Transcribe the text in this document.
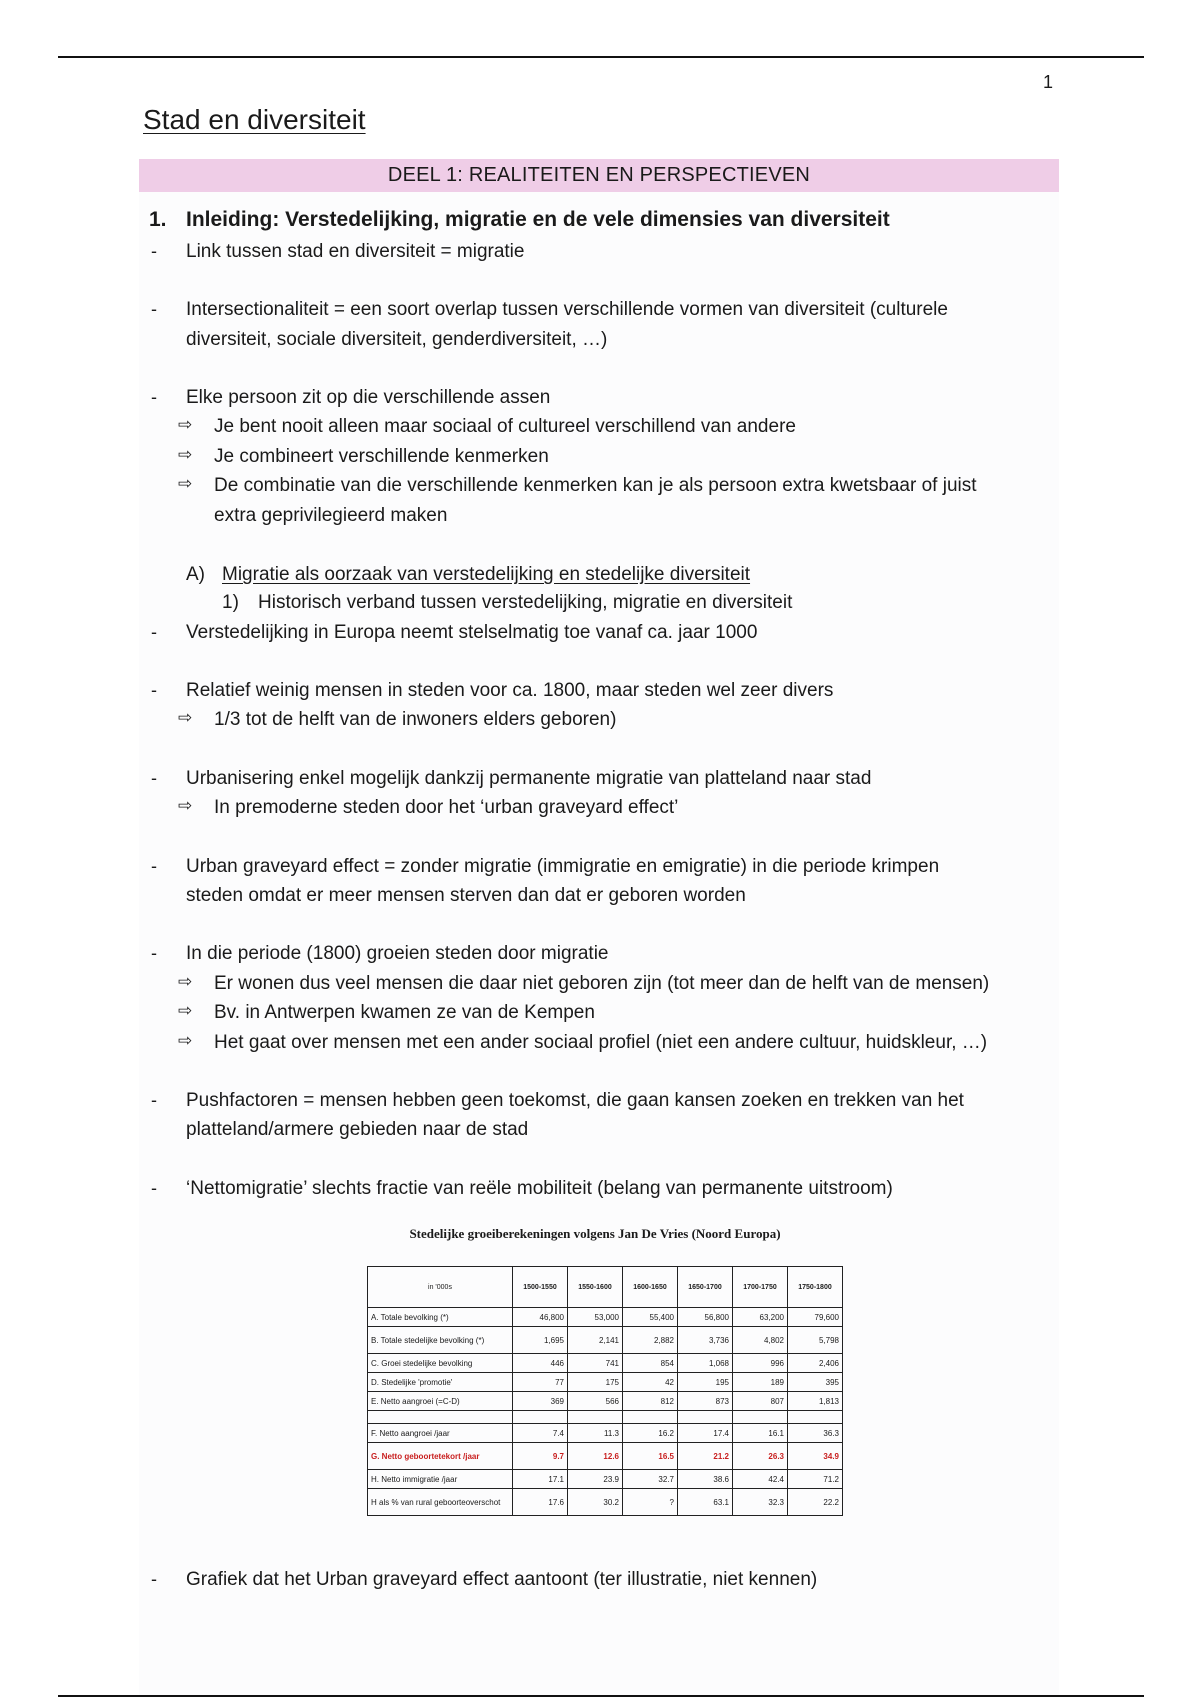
1
Stad en diversiteit
DEEL 1: REALITEITEN EN PERSPECTIEVEN
1. Inleiding: Verstedelijking, migratie en de vele dimensies van diversiteit
- Link tussen stad en diversiteit = migratie
- Intersectionaliteit = een soort overlap tussen verschillende vormen van diversiteit (culturele
diversiteit, sociale diversiteit, genderdiversiteit, …)
- Elke persoon zit op die verschillende assen
⇨ Je bent nooit alleen maar sociaal of cultureel verschillend van andere
⇨ Je combineert verschillende kenmerken
⇨ De combinatie van die verschillende kenmerken kan je als persoon extra kwetsbaar of juist
extra geprivilegieerd maken
A) Migratie als oorzaak van verstedelijking en stedelijke diversiteit
1) Historisch verband tussen verstedelijking, migratie en diversiteit
- Verstedelijking in Europa neemt stelselmatig toe vanaf ca. jaar 1000
- Relatief weinig mensen in steden voor ca. 1800, maar steden wel zeer divers
⇨ 1/3 tot de helft van de inwoners elders geboren)
- Urbanisering enkel mogelijk dankzij permanente migratie van platteland naar stad
⇨ In premoderne steden door het ‘urban graveyard effect’
- Urban graveyard effect = zonder migratie (immigratie en emigratie) in die periode krimpen
steden omdat er meer mensen sterven dan dat er geboren worden
- In die periode (1800) groeien steden door migratie
⇨ Er wonen dus veel mensen die daar niet geboren zijn (tot meer dan de helft van de mensen)
⇨ Bv. in Antwerpen kwamen ze van de Kempen
⇨ Het gaat over mensen met een ander sociaal profiel (niet een andere cultuur, huidskleur, …)
- Pushfactoren = mensen hebben geen toekomst, die gaan kansen zoeken en trekken van het
platteland/armere gebieden naar de stad
- ‘Nettomigratie’ slechts fractie van reële mobiliteit (belang van permanente uitstroom)
Stedelijke groeiberekeningen volgens Jan De Vries (Noord Europa)
in '000s	1500-1550	1550-1600	1600-1650	1650-1700	1700-1750	1750-1800
A. Totale bevolking (*)	46,800	53,000	55,400	56,800	63,200	79,600
B. Totale stedelijke bevolking (*)	1,695	2,141	2,882	3,736	4,802	5,798
C. Groei stedelijke bevolking	446	741	854	1,068	996	2,406
D. Stedelijke 'promotie'	77	175	42	195	189	395
E. Netto aangroei (=C-D)	369	566	812	873	807	1,813

F. Netto aangroei /jaar	7.4	11.3	16.2	17.4	16.1	36.3
G. Netto geboortetekort /jaar	9.7	12.6	16.5	21.2	26.3	34.9
H. Netto immigratie /jaar	17.1	23.9	32.7	38.6	42.4	71.2
H als % van rural geboorteoverschot	17.6	30.2	?	63.1	32.3	22.2
- Grafiek dat het Urban graveyard effect aantoont (ter illustratie, niet kennen)
